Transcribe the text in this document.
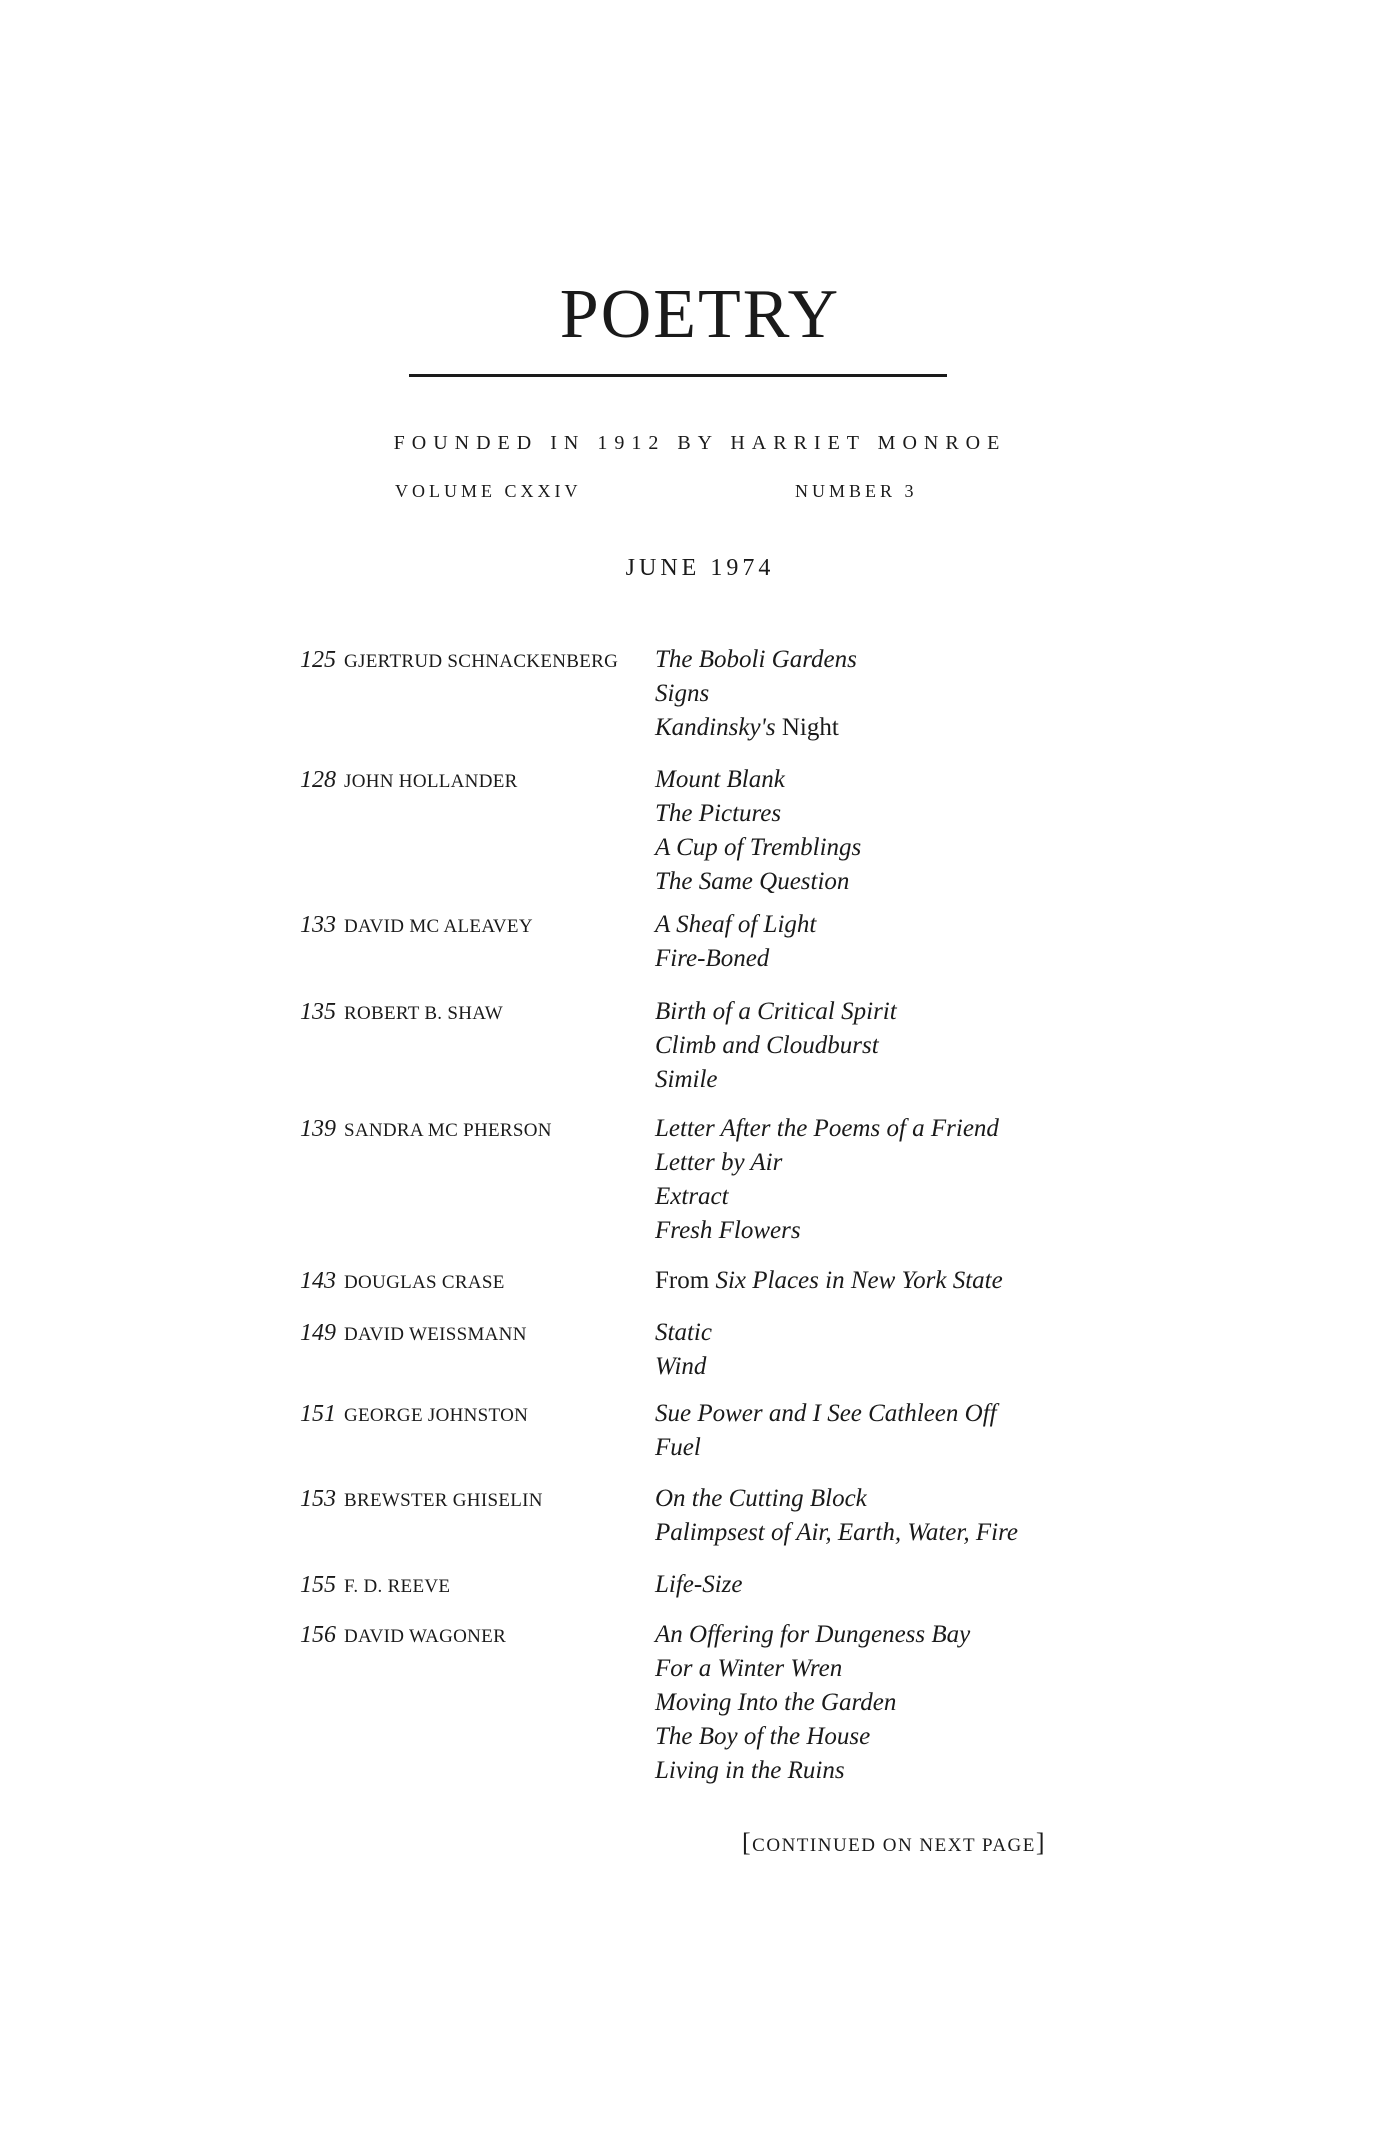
POETRY
FOUNDED IN 1912 BY HARRIET MONROE
VOLUME CXXIV	NUMBER 3
JUNE 1974
125 GJERTRUD SCHNACKENBERG The Boboli Gardens
Signs
Kandinsky's Night
128 JOHN HOLLANDER	Mount Blank
The Pictures
A Cup of Tremblings
The Same Question
133 DAVID MC ALEAVEY	A Sheaf of Light
Fire-Boned
135 ROBERT B. SHAW	Birth of a Critical Spirit
Climb and Cloudburst
Simile
139 SANDRA MC PHERSON	Letter After the Poems of a Friend
Letter by Air
Extract
Fresh Flowers
143 DOUGLAS CRASE	From Six Places in New York State
149 DAVID WEISSMANN	Static
Wind
151 GEORGE JOHNSTON	Sue Power and I See Cathleen Off
Fuel
153 BREWSTER GHISELIN	On the Cutting Block
Palimpsest of Air, Earth, Water, Fire
155 F. D. REEVE	Life-Size
156 DAVID WAGONER	An Offering for Dungeness Bay
For a Winter Wren
Moving Into the Garden
The Boy of the House
Living in the Ruins
[CONTINUED ON NEXT PAGE]
